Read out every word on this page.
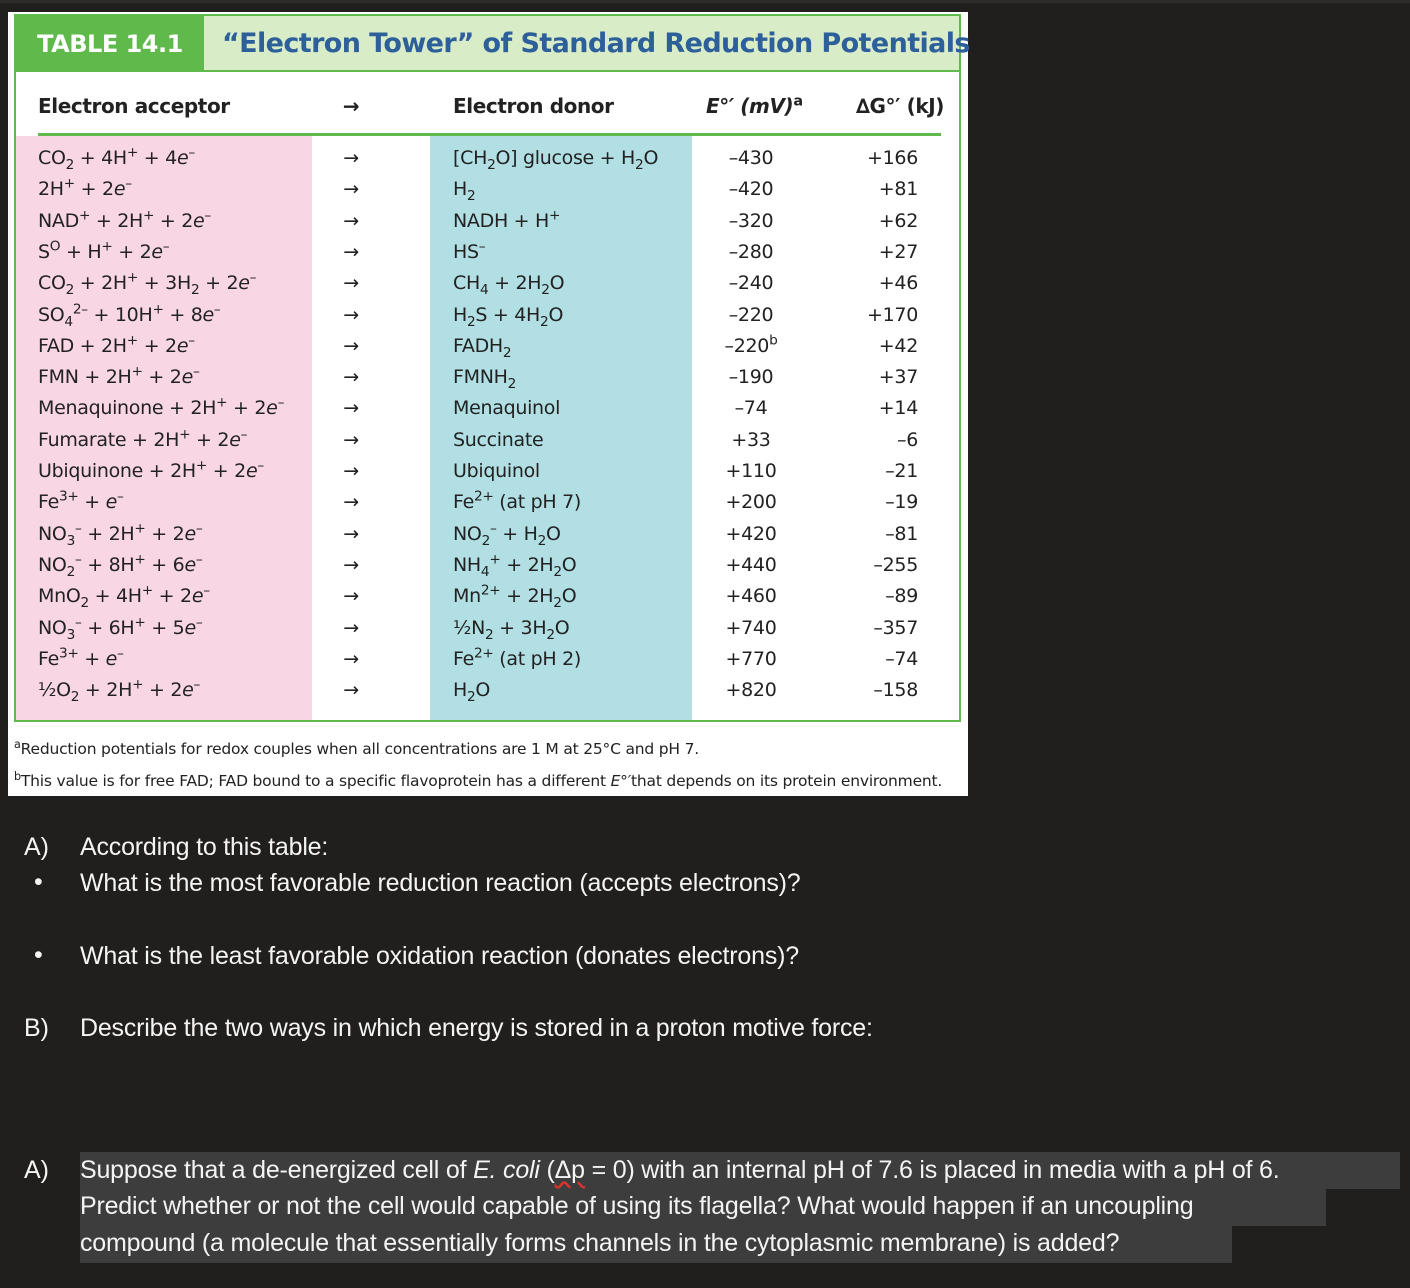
TABLE 14.1	“Electron Tower” of Standard Reduction Potentials
Electron acceptor	→	Electron donor	E°′ (mV)$^a$	∆G°′ (kJ)
$CO_2 + 4H^+ + 4e^-$	→	$[CH_2O] glucose + H_2O$	–430	+166
2H+ + 2e–	→	$H_2$	–420	+81
NAD+ + 2H+ + 2e–	→	NADH + H+	–320	+62
$S^O + H^+ + 2e^-$	→	HS–	–280	+27
$CO_2 + 2H^+ + 3H_2 + 2e^-$	→	$CH_4 + 2H_2O$	–240	+46
$SO_4^{2-} + 10H^+ + 8e^-$	→	$H_2S + 4H_2O$	–220	+170
FAD + 2H+ + 2e–	→	$FADH_2$	$-220^b$	+42
FMN + 2H+ + 2e–	→	$FMNH_2$	–190	+37
Menaquinone + 2H+ + 2e–	→	Menaquinol	–74	+14
Fumarate + 2H+ + 2e–	→	Succinate	+33	–6
Ubiquinone + 2H+ + 2e–	→	Ubiquinol	+110	–21
$Fe^{3+} + e^-$	→	$Fe^{2+}$ (at pH 7)	+200	–19
$NO_3^- + 2H^+ + 2e^-$	→	$NO_2^- + H_2O$	+420	–81
$NO_2^- + 8H^+ + 6e^-$	→	$NH_4^+ + 2H_2O$	+440	–255
MnO$_2$ + 4H+ + 2e–	→	$Mn^{2+} + 2H_2O$	+460	–89
$NO_3^- + 6H^+ + 5e^-$	→	$\frac{1}{2}N_2 + 3H_2O$	+740	–357
$Fe^{3+} + e^-$	→	$Fe^{2+}$ (at pH 2)	+770	–74
$\frac{1}{2}O_2 + 2H^+ + 2e^-$	→	$H_2O$	+820	–158
$^a$Reduction potentials for redox couples when all concentrations are 1 M at 25°C and pH 7.
$^b$This value is for free FAD; FAD bound to a specific flavoprotein has a different E°′that depends on its protein environment.
A) According to this table:
• What is the most favorable reduction reaction (accepts electrons)?
• What is the least favorable oxidation reaction (donates electrons)?
B) Describe the two ways in which energy is stored in a proton motive force:
A) Suppose that a de-energized cell of E. coli (Δp = 0) with an internal pH of 7.6 is placed in media with a pH of 6.
Predict whether or not the cell would capable of using its flagella? What would happen if an uncoupling
compound (a molecule that essentially forms channels in the cytoplasmic membrane) is added?
